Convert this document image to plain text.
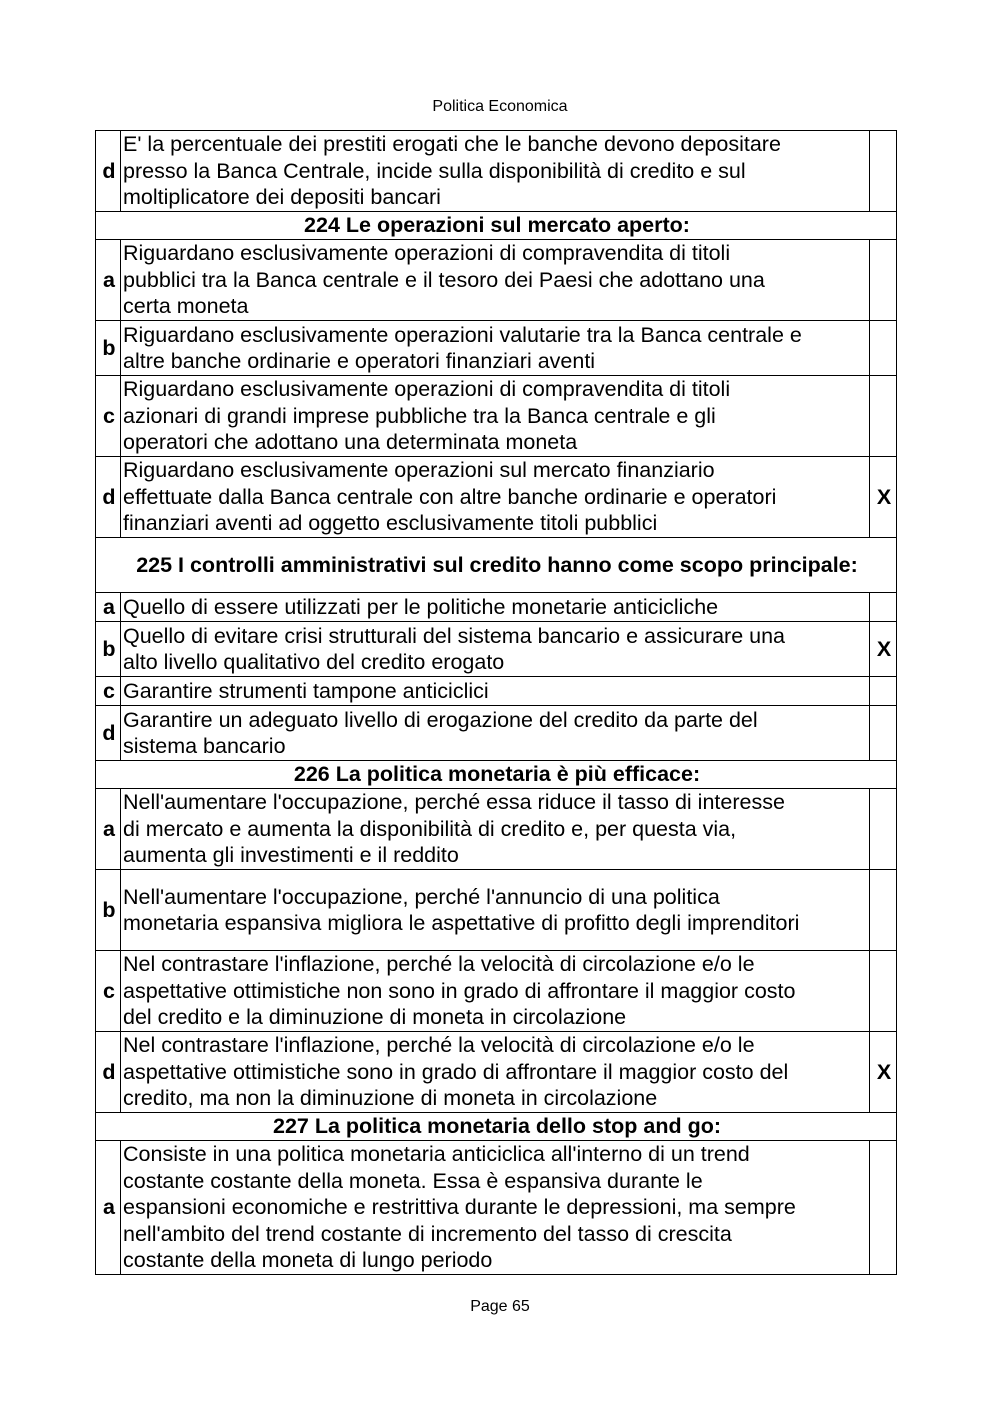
Politica Economica
d	E' la percentuale dei prestiti erogati che le banche devono depositare
presso la Banca Centrale, incide sulla disponibilità di credito e sul
moltiplicatore dei depositi bancari	
224 Le operazioni sul mercato aperto:		
a	Riguardano esclusivamente operazioni di compravendita di titoli
pubblici tra la Banca centrale e il tesoro dei Paesi che adottano una
certa moneta	
b	Riguardano esclusivamente operazioni valutarie tra la Banca centrale e
altre banche ordinarie e operatori finanziari aventi	
c	Riguardano esclusivamente operazioni di compravendita di titoli
azionari di grandi imprese pubbliche tra la Banca centrale e gli
operatori che adottano una determinata moneta	
d	Riguardano esclusivamente operazioni sul mercato finanziario
effettuate dalla Banca centrale con altre banche ordinarie e operatori
finanziari aventi ad oggetto esclusivamente titoli pubblici	X
225 I controlli amministrativi sul credito hanno come scopo principale:		
a	Quello di essere utilizzati per le politiche monetarie anticicliche	
b	Quello di evitare crisi strutturali del sistema bancario e assicurare una
alto livello qualitativo del credito erogato	X
c	Garantire strumenti tampone anticiclici	
d	Garantire un adeguato livello di erogazione del credito da parte del
sistema bancario	
226 La politica monetaria è più efficace:		
a	Nell'aumentare l'occupazione, perché essa riduce il tasso di interesse
di mercato e aumenta la disponibilità di credito e, per questa via,
aumenta gli investimenti e il reddito	
b	Nell'aumentare l'occupazione, perché l'annuncio di una politica
monetaria espansiva migliora le aspettative di profitto degli imprenditori	
c	Nel contrastare l'inflazione, perché la velocità di circolazione e/o le
aspettative ottimistiche non sono in grado di affrontare il maggior costo
del credito e la diminuzione di moneta in circolazione	
d	Nel contrastare l'inflazione, perché la velocità di circolazione e/o le
aspettative ottimistiche sono in grado di affrontare il maggior costo del
credito, ma non la diminuzione di moneta in circolazione	X
227 La politica monetaria dello stop and go:		
a	Consiste in una politica monetaria anticiclica all'interno di un trend
costante costante della moneta. Essa è espansiva durante le
espansioni economiche e restrittiva durante le depressioni, ma sempre
nell'ambito del trend costante di incremento del tasso di crescita
costante della moneta di lungo periodo	
Page 65
